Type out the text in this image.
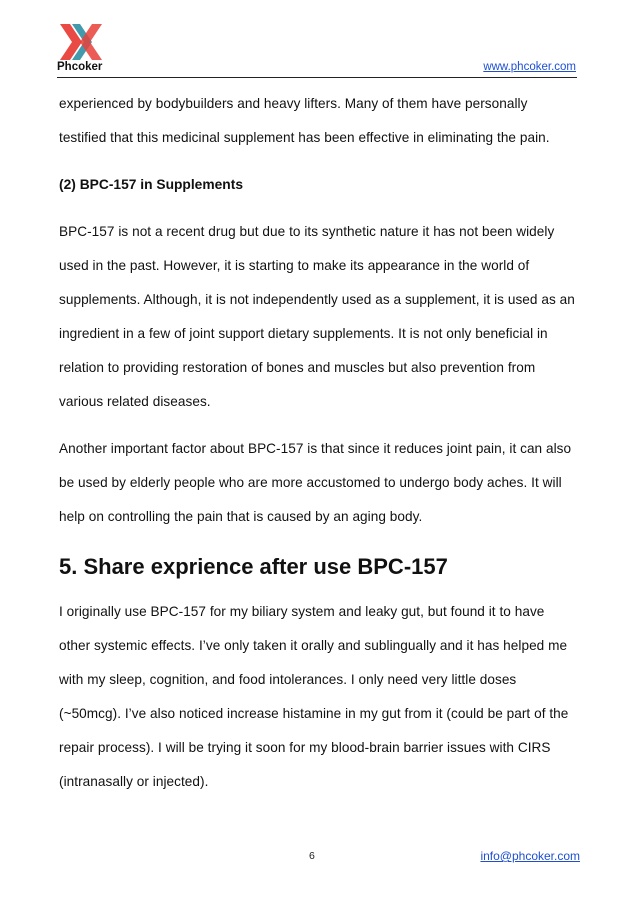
Phcoker	www.phcoker.com

experienced by bodybuilders and heavy lifters. Many of them have personally
testified that this medicinal supplement has been effective in eliminating the pain.

(2) BPC-157 in Supplements

BPC-157 is not a recent drug but due to its synthetic nature it has not been widely
used in the past. However, it is starting to make its appearance in the world of
supplements. Although, it is not independently used as a supplement, it is used as an
ingredient in a few of joint support dietary supplements. It is not only beneficial in
relation to providing restoration of bones and muscles but also prevention from
various related diseases.

Another important factor about BPC-157 is that since it reduces joint pain, it can also
be used by elderly people who are more accustomed to undergo body aches. It will
help on controlling the pain that is caused by an aging body.

5. Share exprience after use BPC-157

I originally use BPC-157 for my biliary system and leaky gut, but found it to have
other systemic effects. I’ve only taken it orally and sublingually and it has helped me
with my sleep, cognition, and food intolerances. I only need very little doses
(~50mcg). I’ve also noticed increase histamine in my gut from it (could be part of the
repair process). I will be trying it soon for my blood-brain barrier issues with CIRS
(intranasally or injected).

6	info@phcoker.com
